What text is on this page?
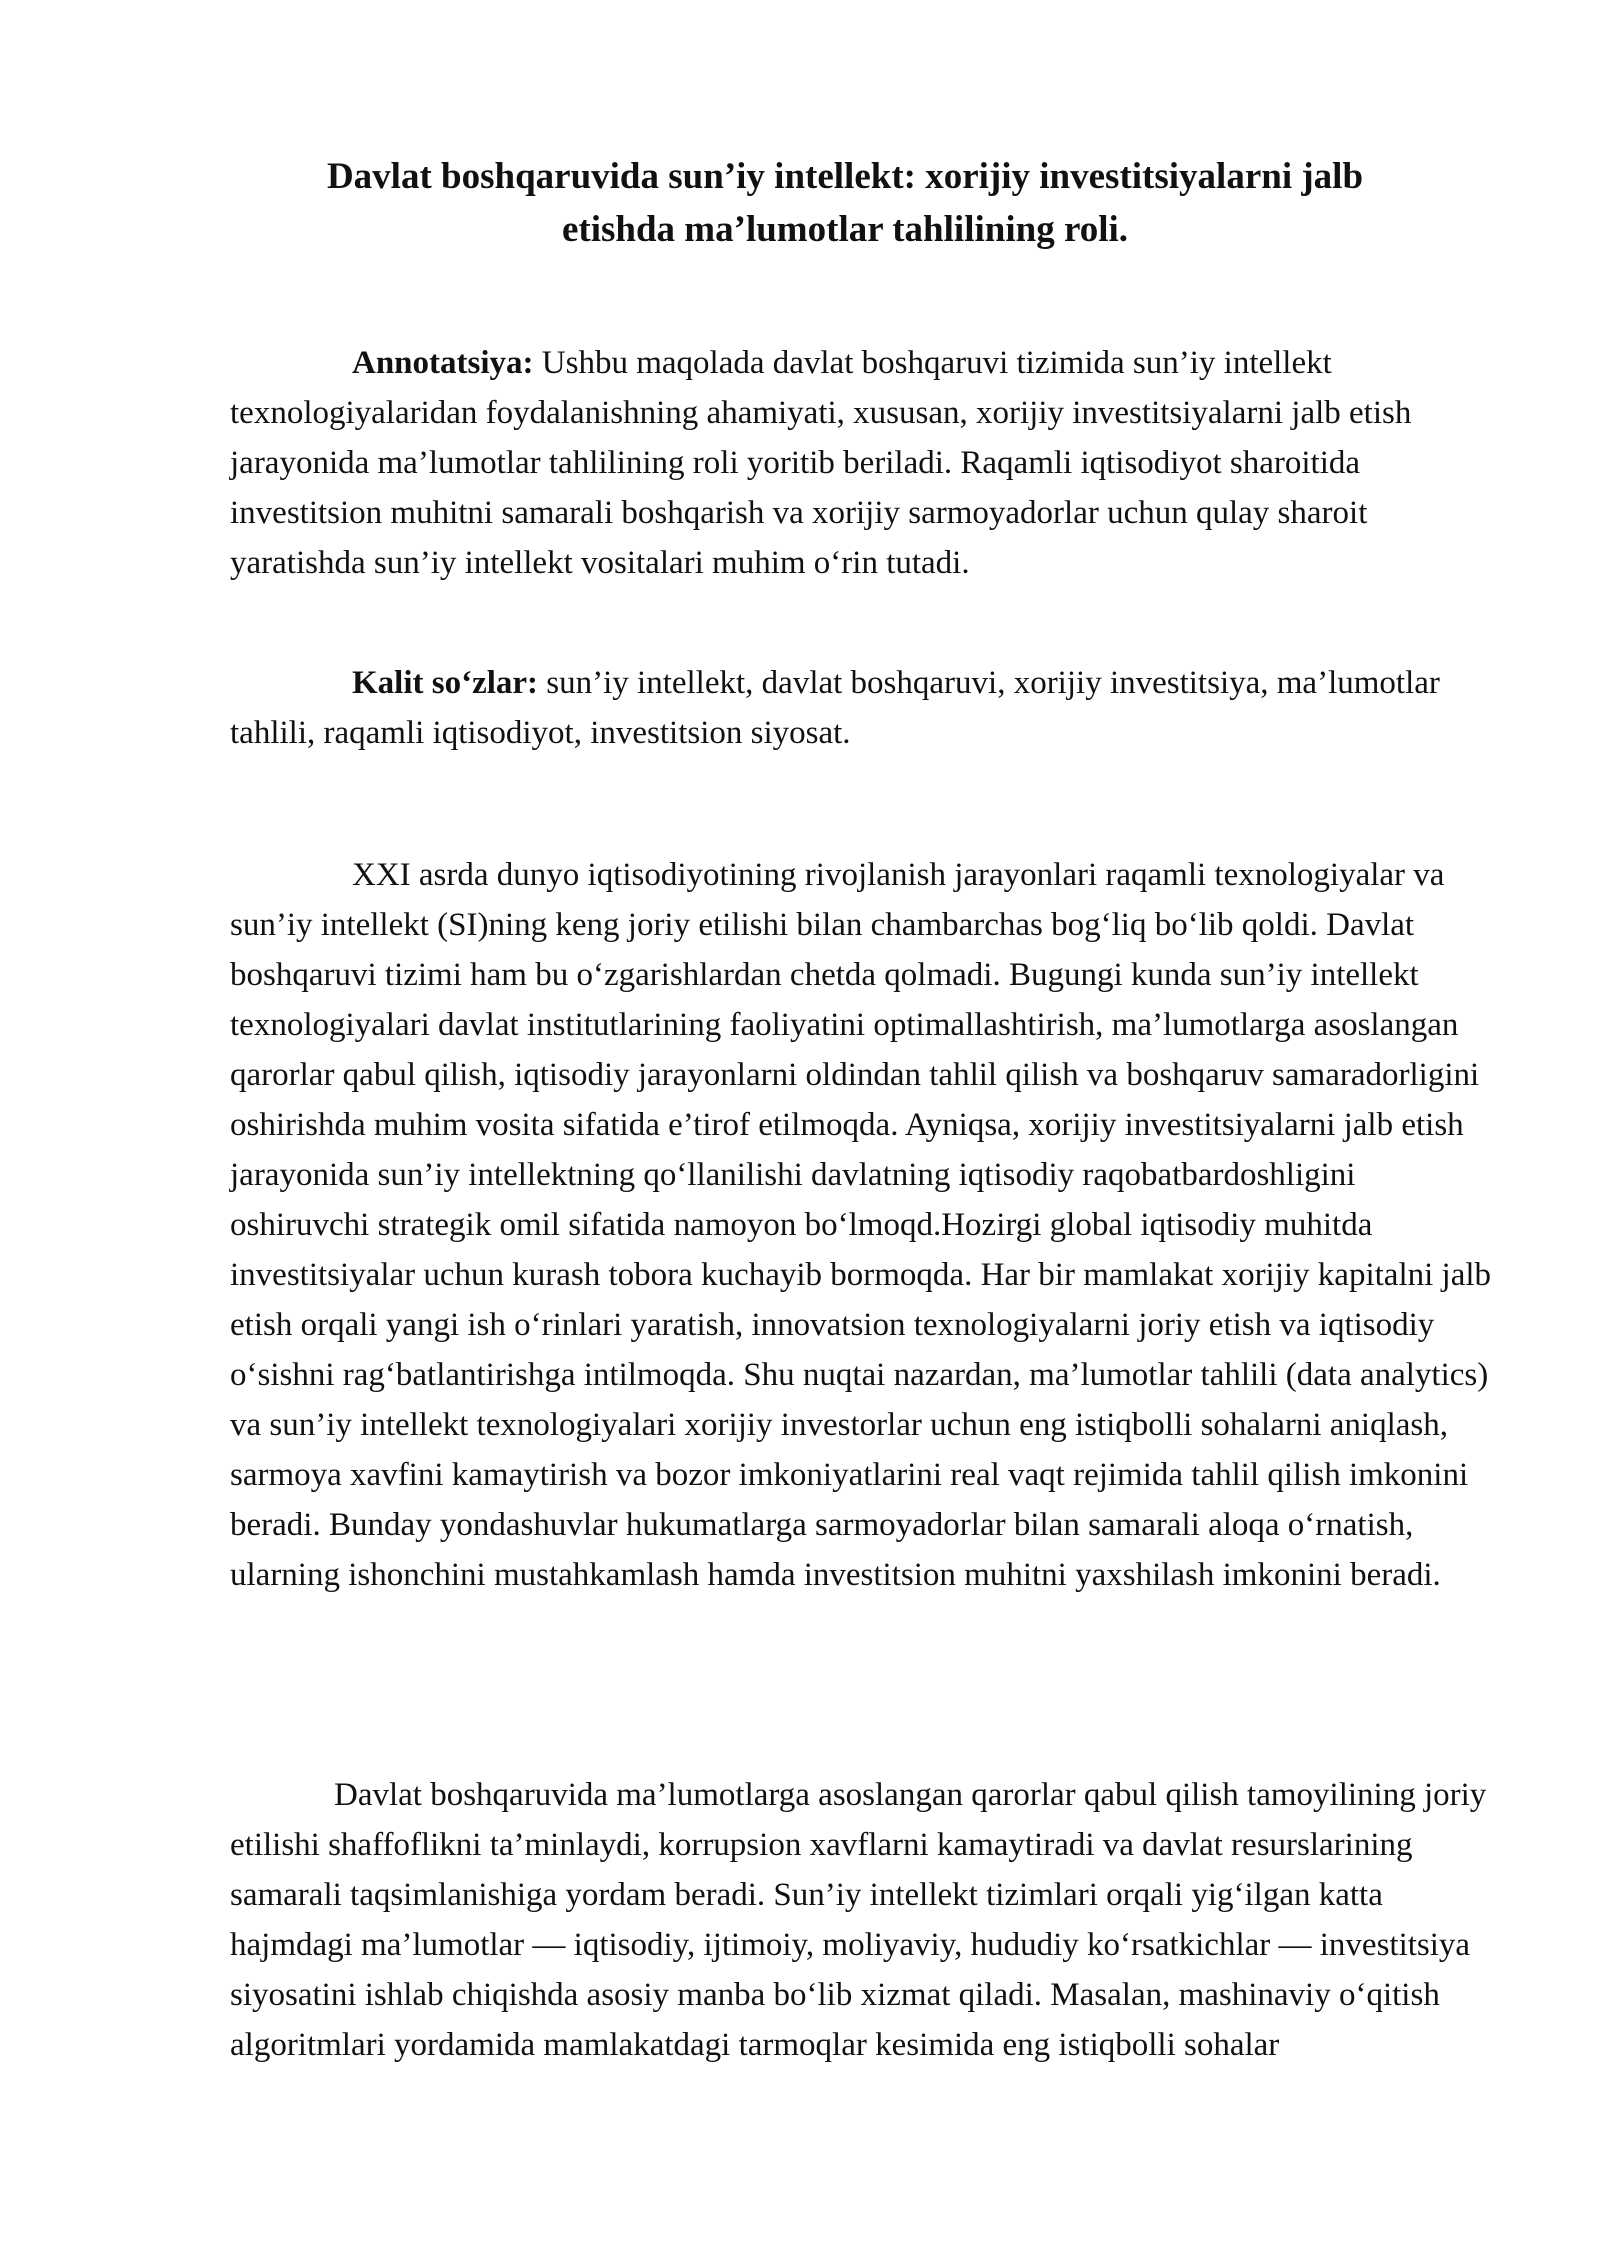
Davlat boshqaruvida sun’iy intellekt: xorijiy investitsiyalarni jalb
etishda ma’lumotlar tahlilining roli.

Annotatsiya: Ushbu maqolada davlat boshqaruvi tizimida sun’iy intellekt texnologiyalaridan foydalanishning ahamiyati, xususan, xorijiy investitsiyalarni jalb etish jarayonida ma’lumotlar tahlilining roli yoritib beriladi. Raqamli iqtisodiyot sharoitida investitsion muhitni samarali boshqarish va xorijiy sarmoyadorlar uchun qulay sharoit yaratishda sun’iy intellekt vositalari muhim o‘rin tutadi.

Kalit so‘zlar: sun’iy intellekt, davlat boshqaruvi, xorijiy investitsiya, ma’lumotlar tahlili, raqamli iqtisodiyot, investitsion siyosat.

XXI asrda dunyo iqtisodiyotining rivojlanish jarayonlari raqamli texnologiyalar va sun’iy intellekt (SI)ning keng joriy etilishi bilan chambarchas bog‘liq bo‘lib qoldi. Davlat boshqaruvi tizimi ham bu o‘zgarishlardan chetda qolmadi. Bugungi kunda sun’iy intellekt texnologiyalari davlat institutlarining faoliyatini optimallashtirish, ma’lumotlarga asoslangan qarorlar qabul qilish, iqtisodiy jarayonlarni oldindan tahlil qilish va boshqaruv samaradorligini oshirishda muhim vosita sifatida e’tirof etilmoqda. Ayniqsa, xorijiy investitsiyalarni jalb etish jarayonida sun’iy intellektning qo‘llanilishi davlatning iqtisodiy raqobatbardoshligini oshiruvchi strategik omil sifatida namoyon bo‘lmoqd.Hozirgi global iqtisodiy muhitda investitsiyalar uchun kurash tobora kuchayib bormoqda. Har bir mamlakat xorijiy kapitalni jalb etish orqali yangi ish o‘rinlari yaratish, innovatsion texnologiyalarni joriy etish va iqtisodiy o‘sishni rag‘batlantirishga intilmoqda. Shu nuqtai nazardan, ma’lumotlar tahlili (data analytics) va sun’iy intellekt texnologiyalari xorijiy investorlar uchun eng istiqbolli sohalarni aniqlash, sarmoya xavfini kamaytirish va bozor imkoniyatlarini real vaqt rejimida tahlil qilish imkonini beradi. Bunday yondashuvlar hukumatlarga sarmoyadorlar bilan samarali aloqa o‘rnatish, ularning ishonchini mustahkamlash hamda investitsion muhitni yaxshilash imkonini beradi.

Davlat boshqaruvida ma’lumotlarga asoslangan qarorlar qabul qilish tamoyilining joriy etilishi shaffoflikni ta’minlaydi, korrupsion xavflarni kamaytiradi va davlat resurslarining samarali taqsimlanishiga yordam beradi. Sun’iy intellekt tizimlari orqali yig‘ilgan katta hajmdagi ma’lumotlar — iqtisodiy, ijtimoiy, moliyaviy, hududiy ko‘rsatkichlar — investitsiya siyosatini ishlab chiqishda asosiy manba bo‘lib xizmat qiladi. Masalan, mashinaviy o‘qitish algoritmlari yordamida mamlakatdagi tarmoqlar kesimida eng istiqbolli sohalar
